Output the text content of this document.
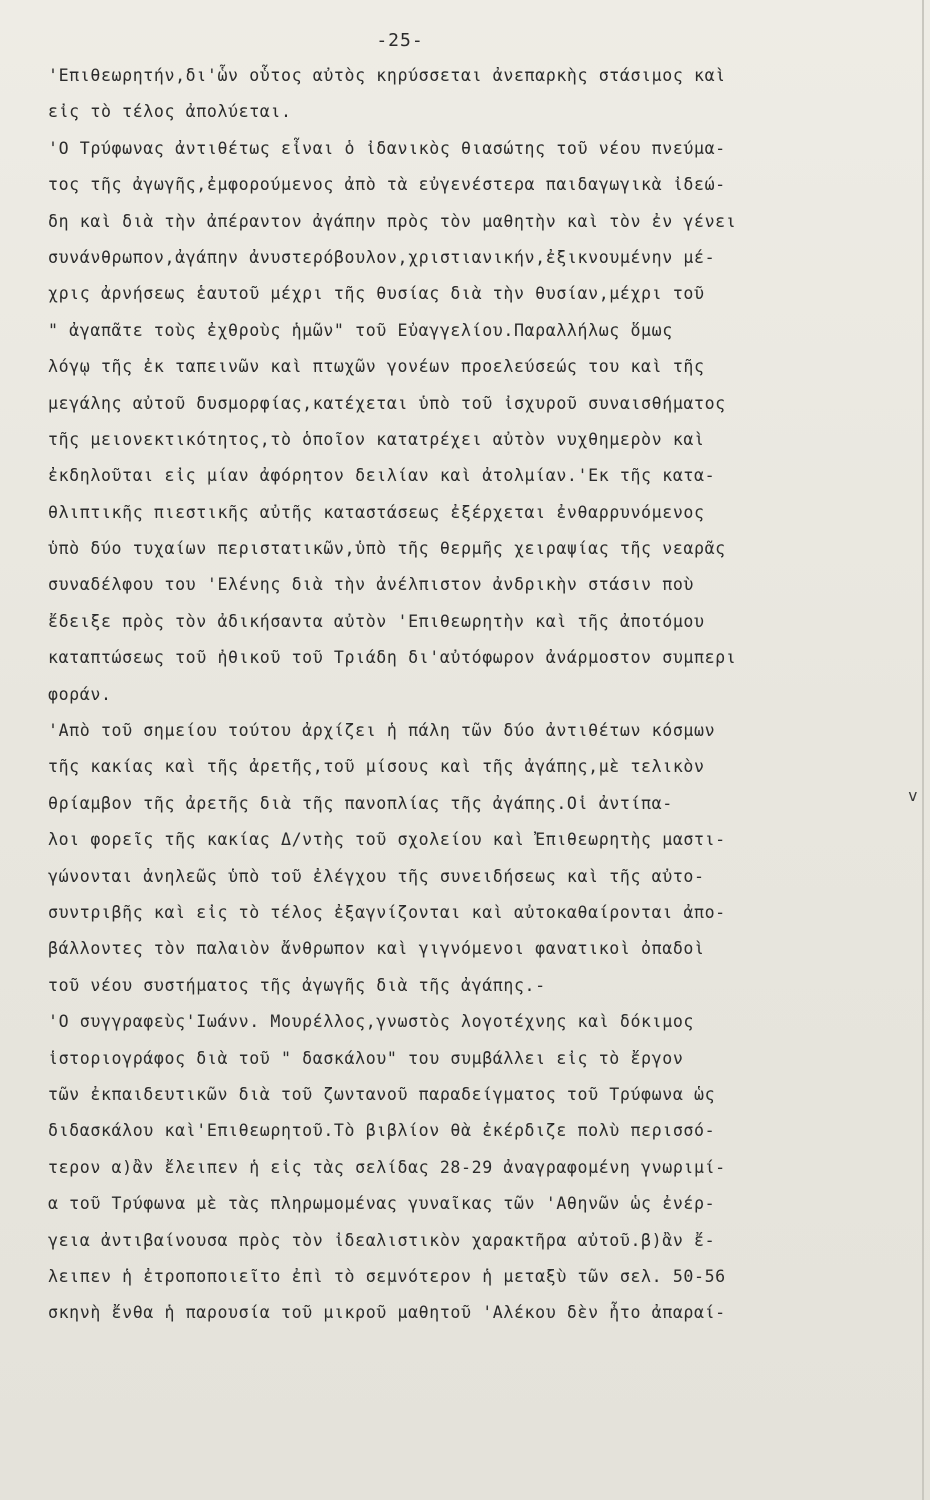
-25-
'Επιθεωρητήν,δι'ὧν οὗτος αὐτὸς κηρύσσεται ἀνεπαρκὴς στάσιμος καὶ
εἰς τὸ τέλος ἀπολύεται.
'Ο Τρύφωνας ἀντιθέτως εἶναι ὁ ἰδανικὸς θιασώτης τοῦ νέου πνεύμα-
τος τῆς ἀγωγῆς,ἐμφορούμενος ἀπὸ τὰ εὐγενέστερα παιδαγωγικὰ ἰδεώ-
δη καὶ διὰ τὴν ἀπέραντον ἀγάπην πρὸς τὸν μαθητὴν καὶ τὸν ἐν γένει
συνάνθρωπον,ἀγάπην ἀνυστερόβουλον,χριστιανικήν,ἐξικνουμένην μέ-
χρις ἀρνήσεως ἑαυτοῦ μέχρι τῆς θυσίας διὰ τὴν θυσίαν,μέχρι τοῦ
" ἀγαπᾶτε τοὺς ἐχθροὺς ἡμῶν" τοῦ Εὐαγγελίου.Παραλλήλως ὅμως
λόγῳ τῆς ἐκ ταπεινῶν καὶ πτωχῶν γονέων προελεύσεώς του καὶ τῆς
μεγάλης αὐτοῦ δυσμορφίας,κατέχεται ὑπὸ τοῦ ἰσχυροῦ συναισθήματος
τῆς μειονεκτικότητος,τὸ ὁποῖον κατατρέχει αὐτὸν νυχθημερὸν καὶ
ἐκδηλοῦται εἰς μίαν ἀφόρητον δειλίαν καὶ ἀτολμίαν.'Εκ τῆς κατα-
θλιπτικῆς πιεστικῆς αὐτῆς καταστάσεως ἐξέρχεται ἐνθαρρυνόμενος
ὑπὸ δύο τυχαίων περιστατικῶν,ὑπὸ τῆς θερμῆς χειραψίας τῆς νεαρᾶς
συναδέλφου του 'Ελένης διὰ τὴν ἀνέλπιστον ἀνδρικὴν στάσιν ποὺ
ἔδειξε πρὸς τὸν ἀδικήσαντα αὐτὸν 'Επιθεωρητὴν καὶ τῆς ἀποτόμου
καταπτώσεως τοῦ ἠθικοῦ τοῦ Τριάδη δι'αὐτόφωρον ἀνάρμοστον συμπερι
φοράν.
'Απὸ τοῦ σημείου τούτου ἀρχίζει ἡ πάλη τῶν δύο ἀντιθέτων κόσμων
τῆς κακίας καὶ τῆς ἀρετῆς,τοῦ μίσους καὶ τῆς ἀγάπης,μὲ τελικὸν
θρίαμβον τῆς ἀρετῆς διὰ τῆς πανοπλίας τῆς ἀγάπης.Οἱ ἀντίπα-
λοι φορεῖς τῆς κακίας Δ/ντὴς τοῦ σχολείου καὶ Ἐπιθεωρητὴς μαστι-
γώνονται ἀνηλεῶς ὑπὸ τοῦ ἐλέγχου τῆς συνειδήσεως καὶ τῆς αὐτο-
συντριβῆς καὶ εἰς τὸ τέλος ἐξαγνίζονται καὶ αὐτοκαθαίρονται ἀπο-
βάλλοντες τὸν παλαιὸν ἄνθρωπον καὶ γιγνόμενοι φανατικοὶ ὀπαδοὶ
τοῦ νέου συστήματος τῆς ἀγωγῆς διὰ τῆς ἀγάπης.-
'Ο συγγραφεὺς'Ιωάνν. Μουρέλλος,γνωστὸς λογοτέχνης καὶ δόκιμος
ἱστοριογράφος διὰ τοῦ " δασκάλου" του συμβάλλει εἰς τὸ ἔργον
τῶν ἐκπαιδευτικῶν διὰ τοῦ ζωντανοῦ παραδείγματος τοῦ Τρύφωνα ὡς
διδασκάλου καὶ'Επιθεωρητοῦ.Τὸ βιβλίον θὰ ἐκέρδιζε πολὺ περισσό-
τερον α)ἂν ἔλειπεν ἡ εἰς τὰς σελίδας 28-29 ἀναγραφομένη γνωριμί-
α τοῦ Τρύφωνα μὲ τὰς πληρωμομένας γυναῖκας τῶν 'Αθηνῶν ὡς ἐνέρ-
γεια ἀντιβαίνουσα πρὸς τὸν ἰδεαλιστικὸν χαρακτῆρα αὐτοῦ.β)ἂν ἔ-
λειπεν ἡ ἐτροποποιεῖτο ἐπὶ τὸ σεμνότερον ἡ μεταξὺ τῶν σελ. 50-56
σκηνὴ ἔνθα ἡ παρουσία τοῦ μικροῦ μαθητοῦ 'Αλέκου δὲν ἦτο ἀπαραί-
v
